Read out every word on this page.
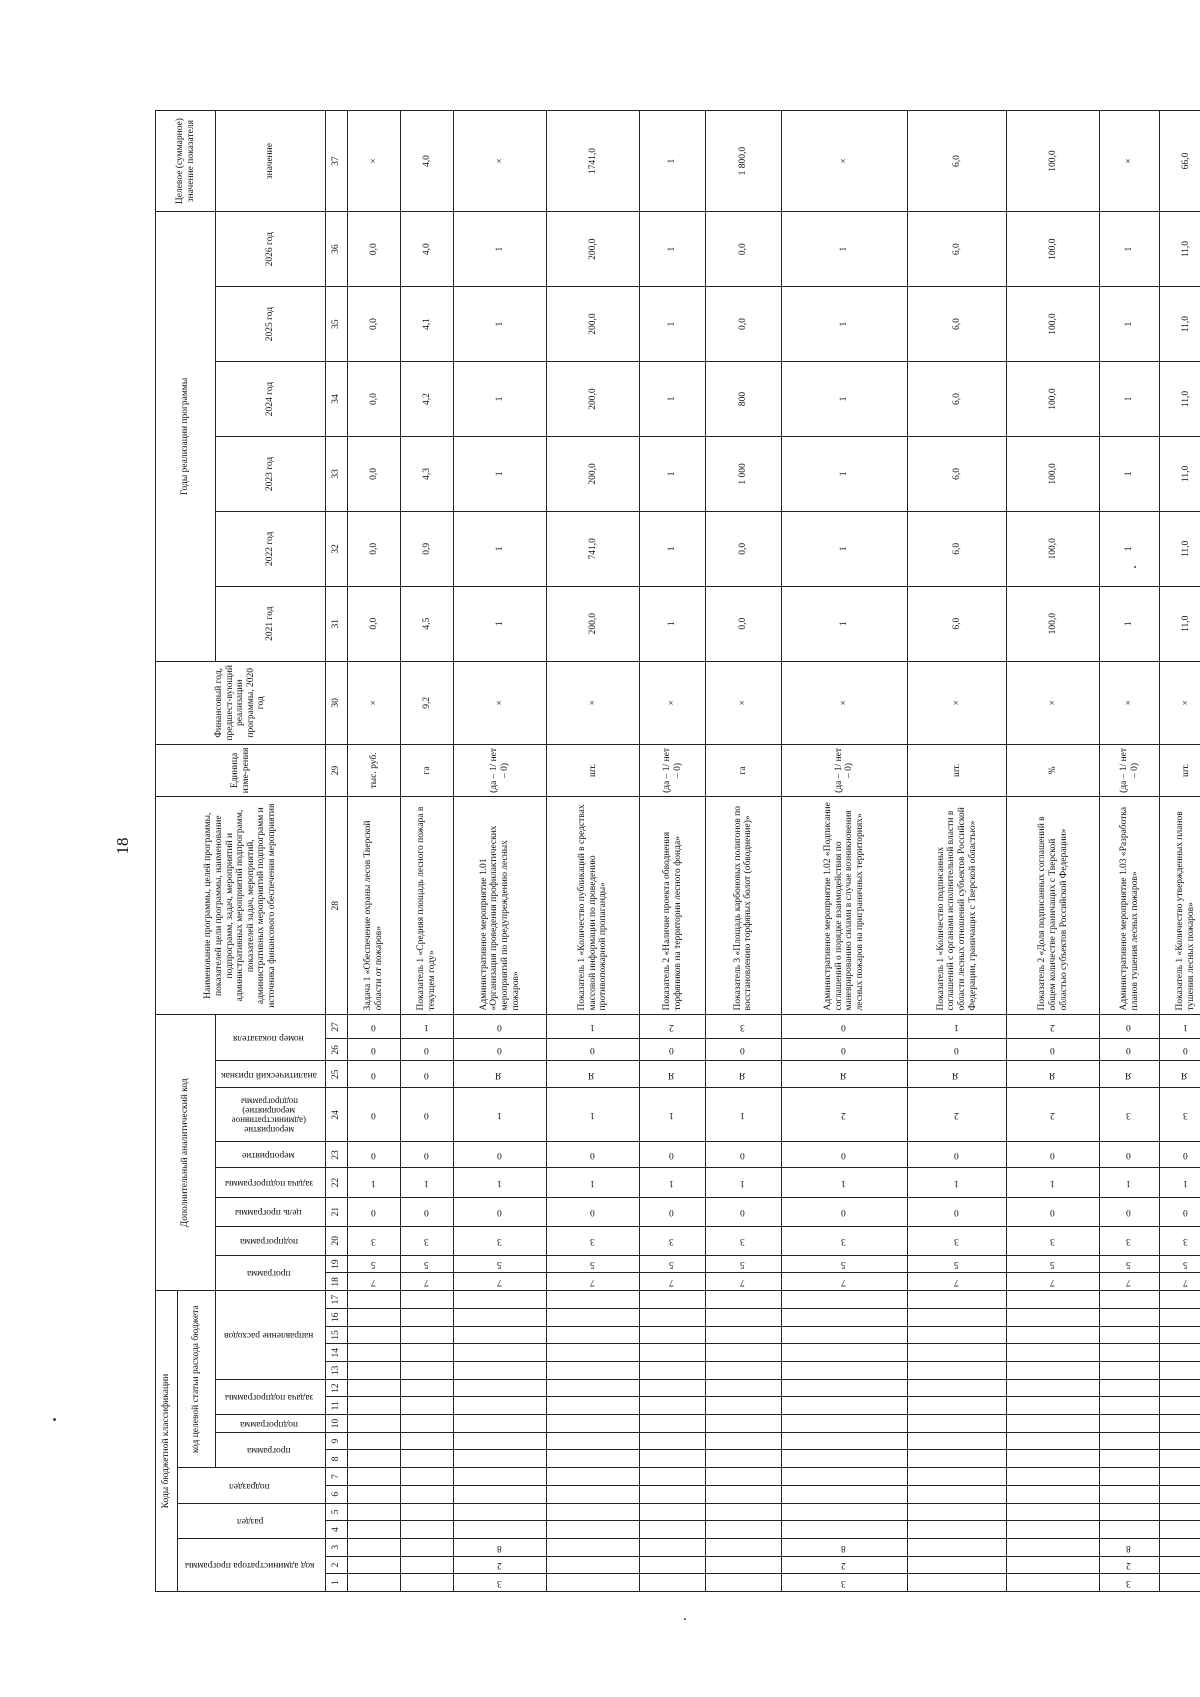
18
Коды бюджетной классификации																	Дополнительный аналитический код										Наименование программы, целей программы, показателей цели программы, наименование подпрограмм, задач, мероприятий и административных мероприятий подпрограмм, показателей задач, мероприятий, административных мероприятий подпрограмм и источника финансового обеспечения мероприятия	Единица изме-рения	Финансовый год, предшест-вующий реализации программы, 2020 год	Годы реализации программы						Целевое (суммарное) значение показателя
код администратора программы			раздел		подраздел		код целевой статьи расхода бюджета																													
							программа		подпрограмма	задача подпрограммы		направление расходов					программа		подпрограмма	цель программы	задача подпрограммы	мероприятие	мероприятие (административное мероприятие) подпрограммы	аналитический признак	номер показателя					2021 год	2022 год	2023 год	2024 год	2025 год	2026 год	значение
1	2	3	4	5	6	7	8	9	10	11	12	13	14	15	16	17	18	19	20	21	22	23	24	25	26	27	28	29	30	31	32	33	34	35	36	37
																	7	5	3	0	1	0	0	0	0	0	Задача 1 «Обеспечение охраны лесов Тверской области от пожаров»	тыс. руб.	×	0,0	0,0	0,0	0,0	0,0	0,0	×
																	7	5	3	0	1	0	0	0	0	1	Показатель 1 «Средняя площадь лесного пожара в текущем году»	га	9,2	4,5	0,9	4,3	4,2	4,1	4,0	4,0
3	2	8															7	5	3	0	1	0	1	Я	0	0	Административное мероприятие 1.01 «Организация проведения профилактических мероприятий по предупреждению лесных пожаров»	(да – 1/ нет – 0)	×	1	1	1	1	1	1	×
																	7	5	3	0	1	0	1	Я	0	1	Показатель 1 «Количество публикаций в средствах массовой информации по проведению противопожарной пропаганды»	шт.	×	200,0	741,0	200,0	200,0	200,0	200,0	1741,0
																	7	5	3	0	1	0	1	Я	0	2	Показатель 2 «Наличие проекта обводнения торфяников на территории лесного фонда»	(да – 1/ нет – 0)	×	1	1	1	1	1	1	1
																	7	5	3	0	1	0	1	Я	0	3	Показатель 3 «Площадь карбоновых полигонов по восстановлению торфяных болот (обводнение)»	га	×	0,0	0,0	1 000	800	0,0	0,0	1 800,0
3	2	8															7	5	3	0	1	0	2	Я	0	0	Административное мероприятие 1.02 «Подписание соглашений о порядке взаимодействия по маневрированию силами в случае возникновения лесных пожаров на приграничных территориях»	(да – 1/ нет – 0)	×	1	1	1	1	1	1	×
																	7	5	3	0	1	0	2	Я	0	1	Показатель 1 «Количество подписанных соглашений с органами исполнительной власти в области лесных отношений субъектов Российской Федерации, граничащих с Тверской областью»	шт.	×	6,0	6,0	6,0	6,0	6,0	6,0	6,0
																	7	5	3	0	1	0	2	Я	0	2	Показатель 2 «Доля подписанных соглашений в общем количестве граничащих с Тверской областью субъектов Российской Федерации»	%	×	100,0	100,0	100,0	100,0	100,0	100,0	100,0
3	2	8															7	5	3	0	1	0	3	Я	0	0	Административное мероприятие 1.03 «Разработка планов тушения лесных пожаров»	(да – 1/ нет – 0)	×	1	1	1	1	1	1	×
																	7	5	3	0	1	0	3	Я	0	1	Показатель 1 «Количество утвержденных планов тушения лесных пожаров»	шт.	×	11,0	11,0	11,0	11,0	11,0	11,0	66,0
